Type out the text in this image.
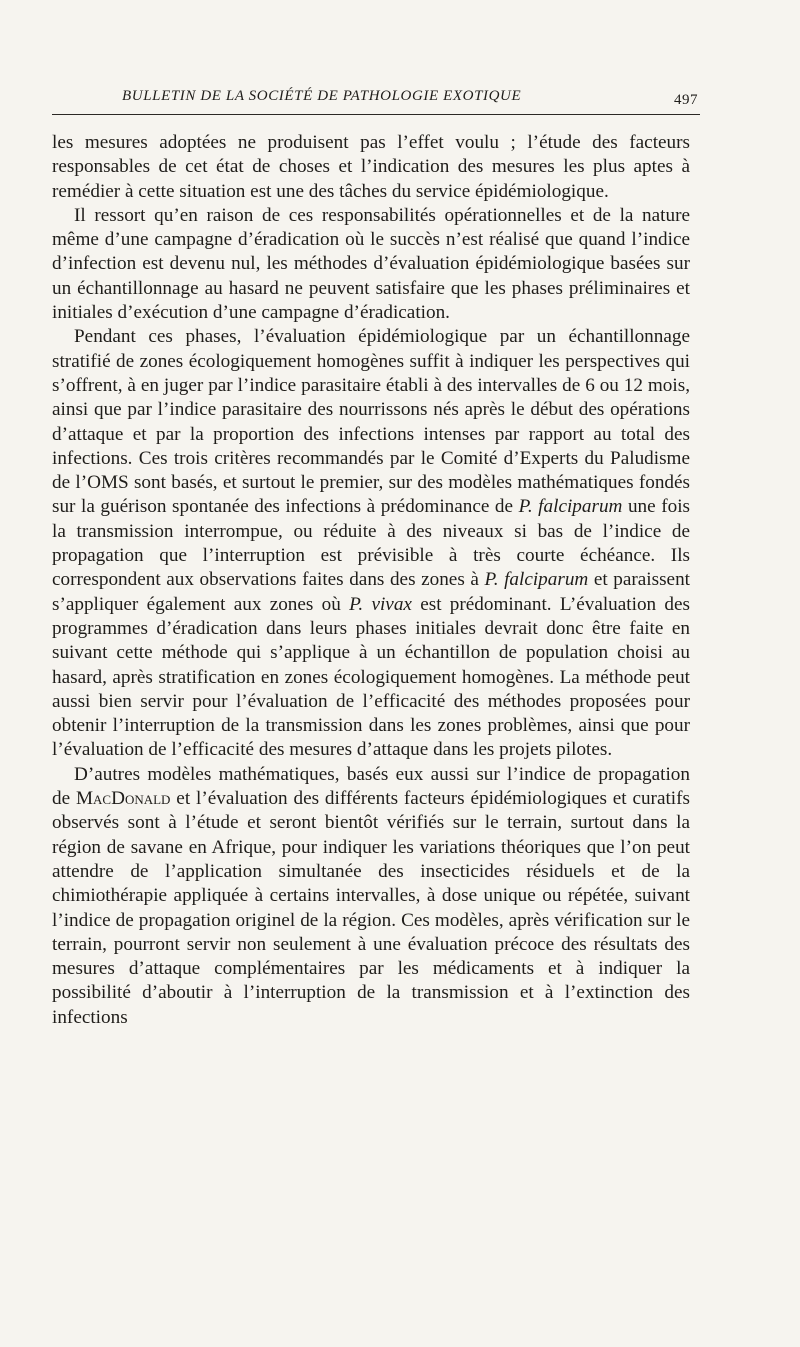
BULLETIN DE LA SOCIÉTÉ DE PATHOLOGIE EXOTIQUE	497

les mesures adoptées ne produisent pas l’effet voulu ; l’étude des facteurs responsables de cet état de choses et l’indication des mesures les plus aptes à remédier à cette situation est une des tâches du service épidémiologique.

Il ressort qu’en raison de ces responsabilités opérationnelles et de la nature même d’une campagne d’éradication où le succès n’est réalisé que quand l’indice d’infection est devenu nul, les méthodes d’évaluation épidémiologique basées sur un échantillonnage au hasard ne peuvent satisfaire que les phases préliminaires et initiales d’exécution d’une campagne d’éradication.

Pendant ces phases, l’évaluation épidémiologique par un échantillonnage stratifié de zones écologiquement homogènes suffit à indiquer les perspectives qui s’offrent, à en juger par l’indice parasitaire établi à des intervalles de 6 ou 12 mois, ainsi que par l’indice parasitaire des nourrissons nés après le début des opérations d’attaque et par la proportion des infections intenses par rapport au total des infections. Ces trois critères recommandés par le Comité d’Experts du Paludisme de l’OMS sont basés, et surtout le premier, sur des modèles mathématiques fondés sur la guérison spontanée des infections à prédominance de P. falciparum une fois la transmission interrompue, ou réduite à des niveaux si bas de l’indice de propagation que l’interruption est prévisible à très courte échéance. Ils correspondent aux observations faites dans des zones à P. falciparum et paraissent s’appliquer également aux zones où P. vivax est prédominant. L’évaluation des programmes d’éradication dans leurs phases initiales devrait donc être faite en suivant cette méthode qui s’applique à un échantillon de population choisi au hasard, après stratification en zones écologiquement homogènes. La méthode peut aussi bien servir pour l’évaluation de l’efficacité des méthodes proposées pour obtenir l’interruption de la transmission dans les zones problèmes, ainsi que pour l’évaluation de l’efficacité des mesures d’attaque dans les projets pilotes.

D’autres modèles mathématiques, basés eux aussi sur l’indice de propagation de MacDonald et l’évaluation des différents facteurs épidémiologiques et curatifs observés sont à l’étude et seront bientôt vérifiés sur le terrain, surtout dans la région de savane en Afrique, pour indiquer les variations théoriques que l’on peut attendre de l’application simultanée des insecticides résiduels et de la chimiothérapie appliquée à certains intervalles, à dose unique ou répétée, suivant l’indice de propagation originel de la région. Ces modèles, après vérification sur le terrain, pourront servir non seulement à une évaluation précoce des résultats des mesures d’attaque complémentaires par les médicaments et à indiquer la possibilité d’aboutir à l’interruption de la transmission et à l’extinction des infections
